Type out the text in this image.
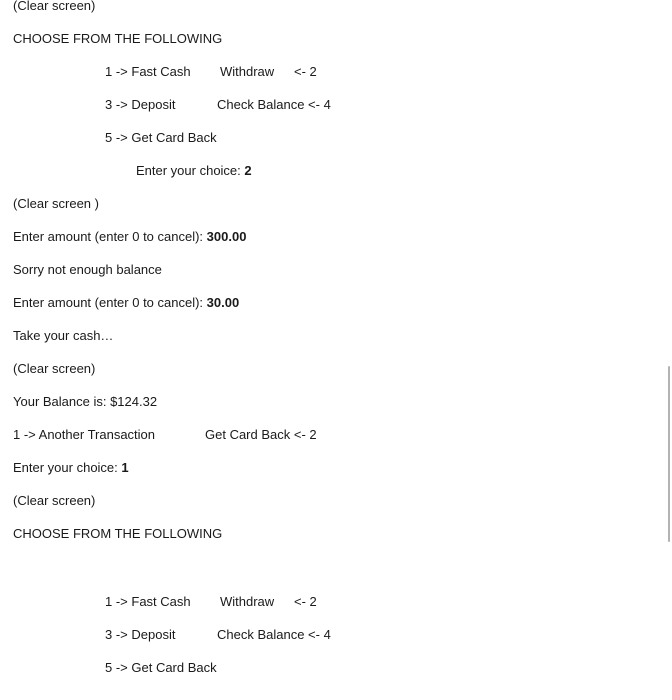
(Clear screen)
CHOOSE FROM THE FOLLOWING
1 -> Fast Cash Withdraw <- 2
3 -> Deposit	Check Balance <- 4
5 -> Get Card Back
Enter your choice: 2
(Clear screen )
Enter amount (enter 0 to cancel): 300.00
Sorry not enough balance
Enter amount (enter 0 to cancel): 30.00
Take your cash…
(Clear screen)
Your Balance is: $124.32
1 -> Another Transaction	Get Card Back <- 2
Enter your choice: 1
(Clear screen)
CHOOSE FROM THE FOLLOWING
1 -> Fast Cash Withdraw <- 2
3 -> Deposit	Check Balance <- 4
5 -> Get Card Back
